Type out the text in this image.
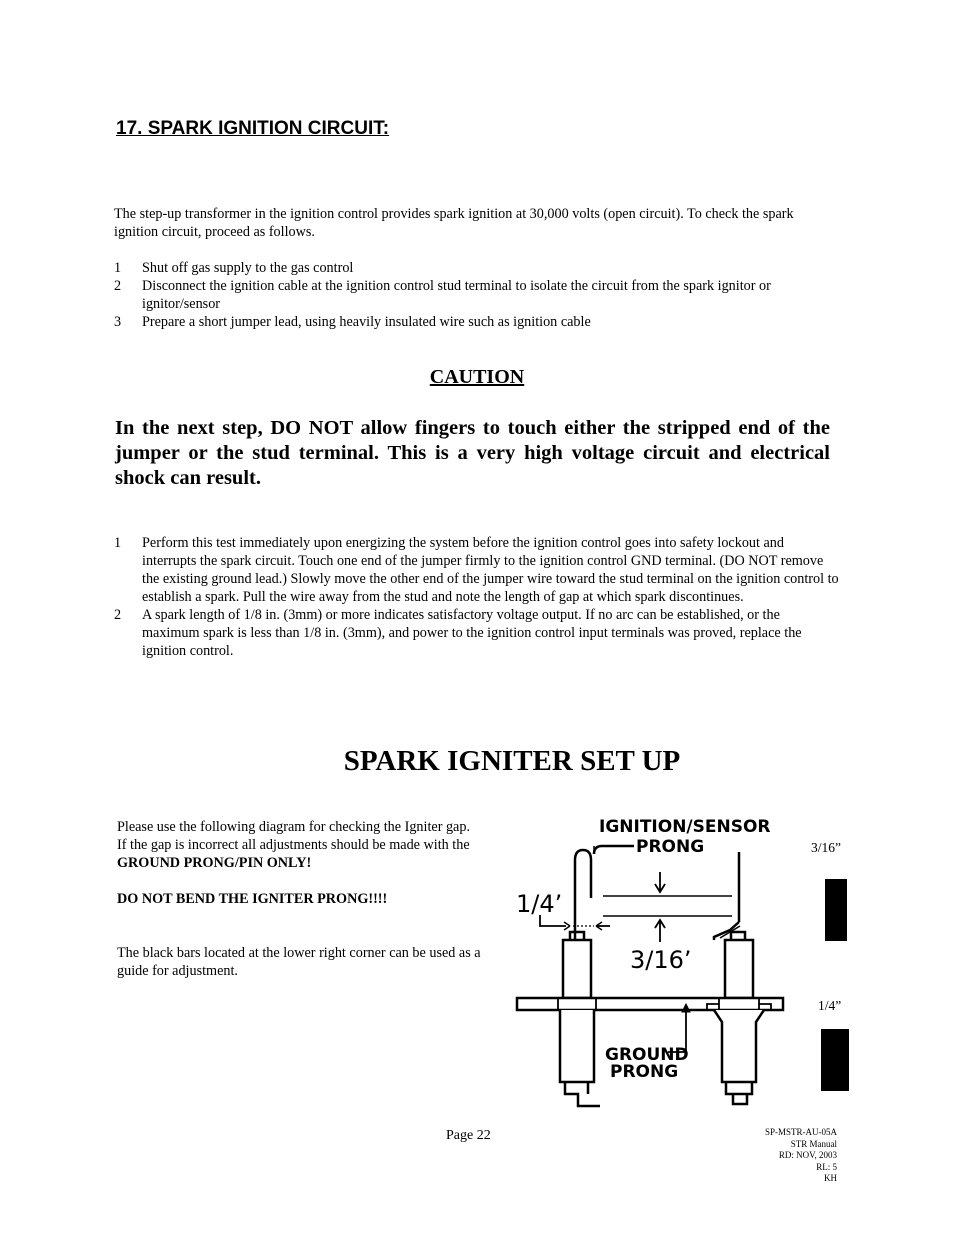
17. SPARK IGNITION CIRCUIT:
The step-up transformer in the ignition control provides spark ignition at 30,000 volts (open circuit). To check the spark ignition circuit, proceed as follows.
1 Shut off gas supply to the gas control
2 Disconnect the ignition cable at the ignition control stud terminal to isolate the circuit from the spark ignitor or ignitor/sensor
3 Prepare a short jumper lead, using heavily insulated wire such as ignition cable
CAUTION
In the next step, DO NOT allow fingers to touch either the stripped end of the jumper or the stud terminal. This is a very high voltage circuit and electrical shock can result.
1 Perform this test immediately upon energizing the system before the ignition control goes into safety lockout and interrupts the spark circuit. Touch one end of the jumper firmly to the ignition control GND terminal. (DO NOT remove the existing ground lead.) Slowly move the other end of the jumper wire toward the stud terminal on the ignition control to establish a spark. Pull the wire away from the stud and note the length of gap at which spark discontinues.
2 A spark length of 1/8 in. (3mm) or more indicates satisfactory voltage output. If no arc can be established, or the maximum spark is less than 1/8 in. (3mm), and power to the ignition control input terminals was proved, replace the ignition control.
SPARK IGNITER SET UP

Please use the following diagram for checking the Igniter gap.

If the gap is incorrect all adjustments should be made with the GROUND PRONG/PIN ONLY!

DO NOT BEND THE IGNITER PRONG!!!!

The black bars located at the lower right corner can be used as a guide for adjustment.

IGNITION/SENSOR
PRONG
1/4’
3/16’
GROUND
PRONG
3/16”
1/4”
Page 22	SP-MSTR-AU-05A
STR Manual
RD: NOV, 2003
RL: 5
KH
